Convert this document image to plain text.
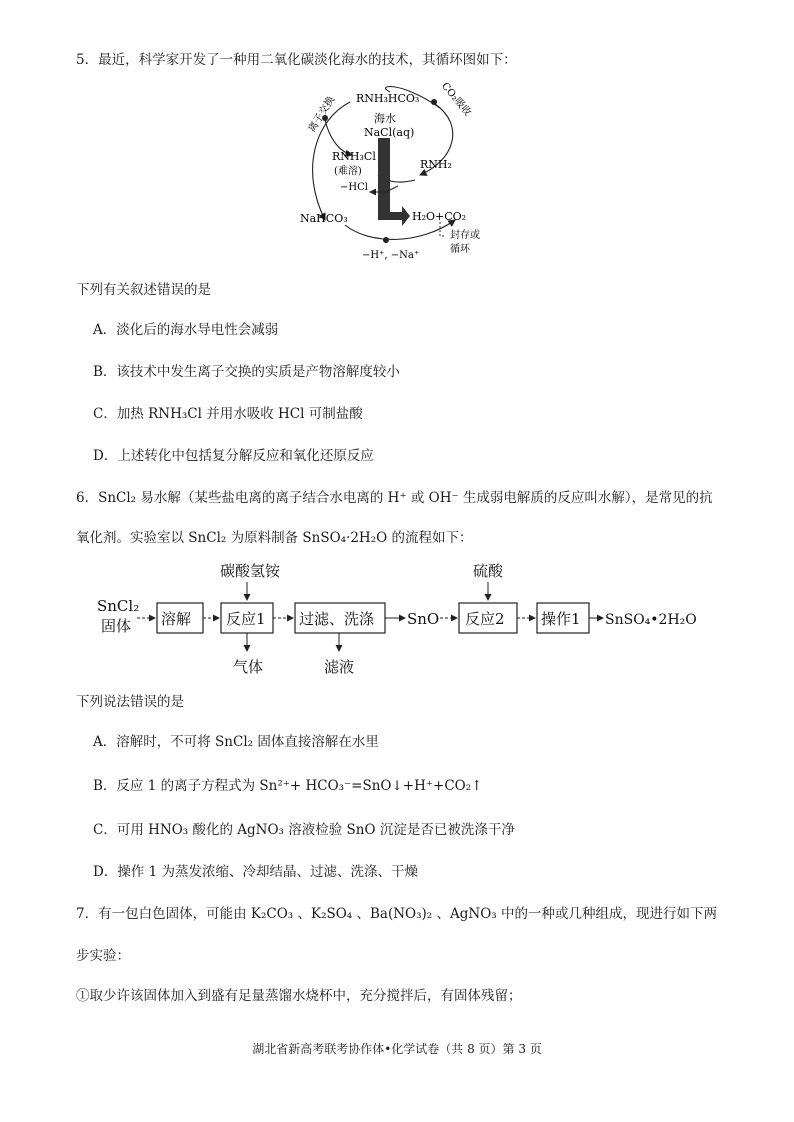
5．最近，科学家开发了一种用二氧化碳淡化海水的技术，其循环图如下：
RNH₃HCO₃
离子交换	CO₂吸收
海水
NaCl(aq)
RNH₃Cl
(难溶)
−HCl
RNH₂
NaHCO₃	H₂O+CO₂
封存或
循环
−H⁺, −Na⁺
下列有关叙述错误的是
A．淡化后的海水导电性会减弱
B．该技术中发生离子交换的实质是产物溶解度较小
C．加热 RNH₃Cl 并用水吸收 HCl 可制盐酸
D．上述转化中包括复分解反应和氧化还原反应
6．SnCl₂ 易水解（某些盐电离的离子结合水电离的 H⁺ 或 OH⁻ 生成弱电解质的反应叫水解），是常见的抗
氧化剂。实验室以 SnCl₂ 为原料制备 SnSO₄·2H₂O 的流程如下：
SnCl₂
固体 溶解 反应1
碳酸氢铵
气体
过滤、洗涤
滤液
SnO 反应2
硫酸
操作1 SnSO₄•2H₂O
下列说法错误的是
A．溶解时，不可将 SnCl₂ 固体直接溶解在水里
B．反应 1 的离子方程式为 Sn²⁺+ HCO₃⁻=SnO↓+H⁺+CO₂↑
C．可用 HNO₃ 酸化的 AgNO₃ 溶液检验 SnO 沉淀是否已被洗涤干净
D．操作 1 为蒸发浓缩、冷却结晶、过滤、洗涤、干燥
7．有一包白色固体，可能由 K₂CO₃ 、K₂SO₄ 、Ba(NO₃)₂ 、AgNO₃ 中的一种或几种组成，现进行如下两
步实验：
①取少许该固体加入到盛有足量蒸馏水烧杯中，充分搅拌后，有固体残留；
湖北省新高考联考协作体•化学试卷（共 8 页）第 3 页
